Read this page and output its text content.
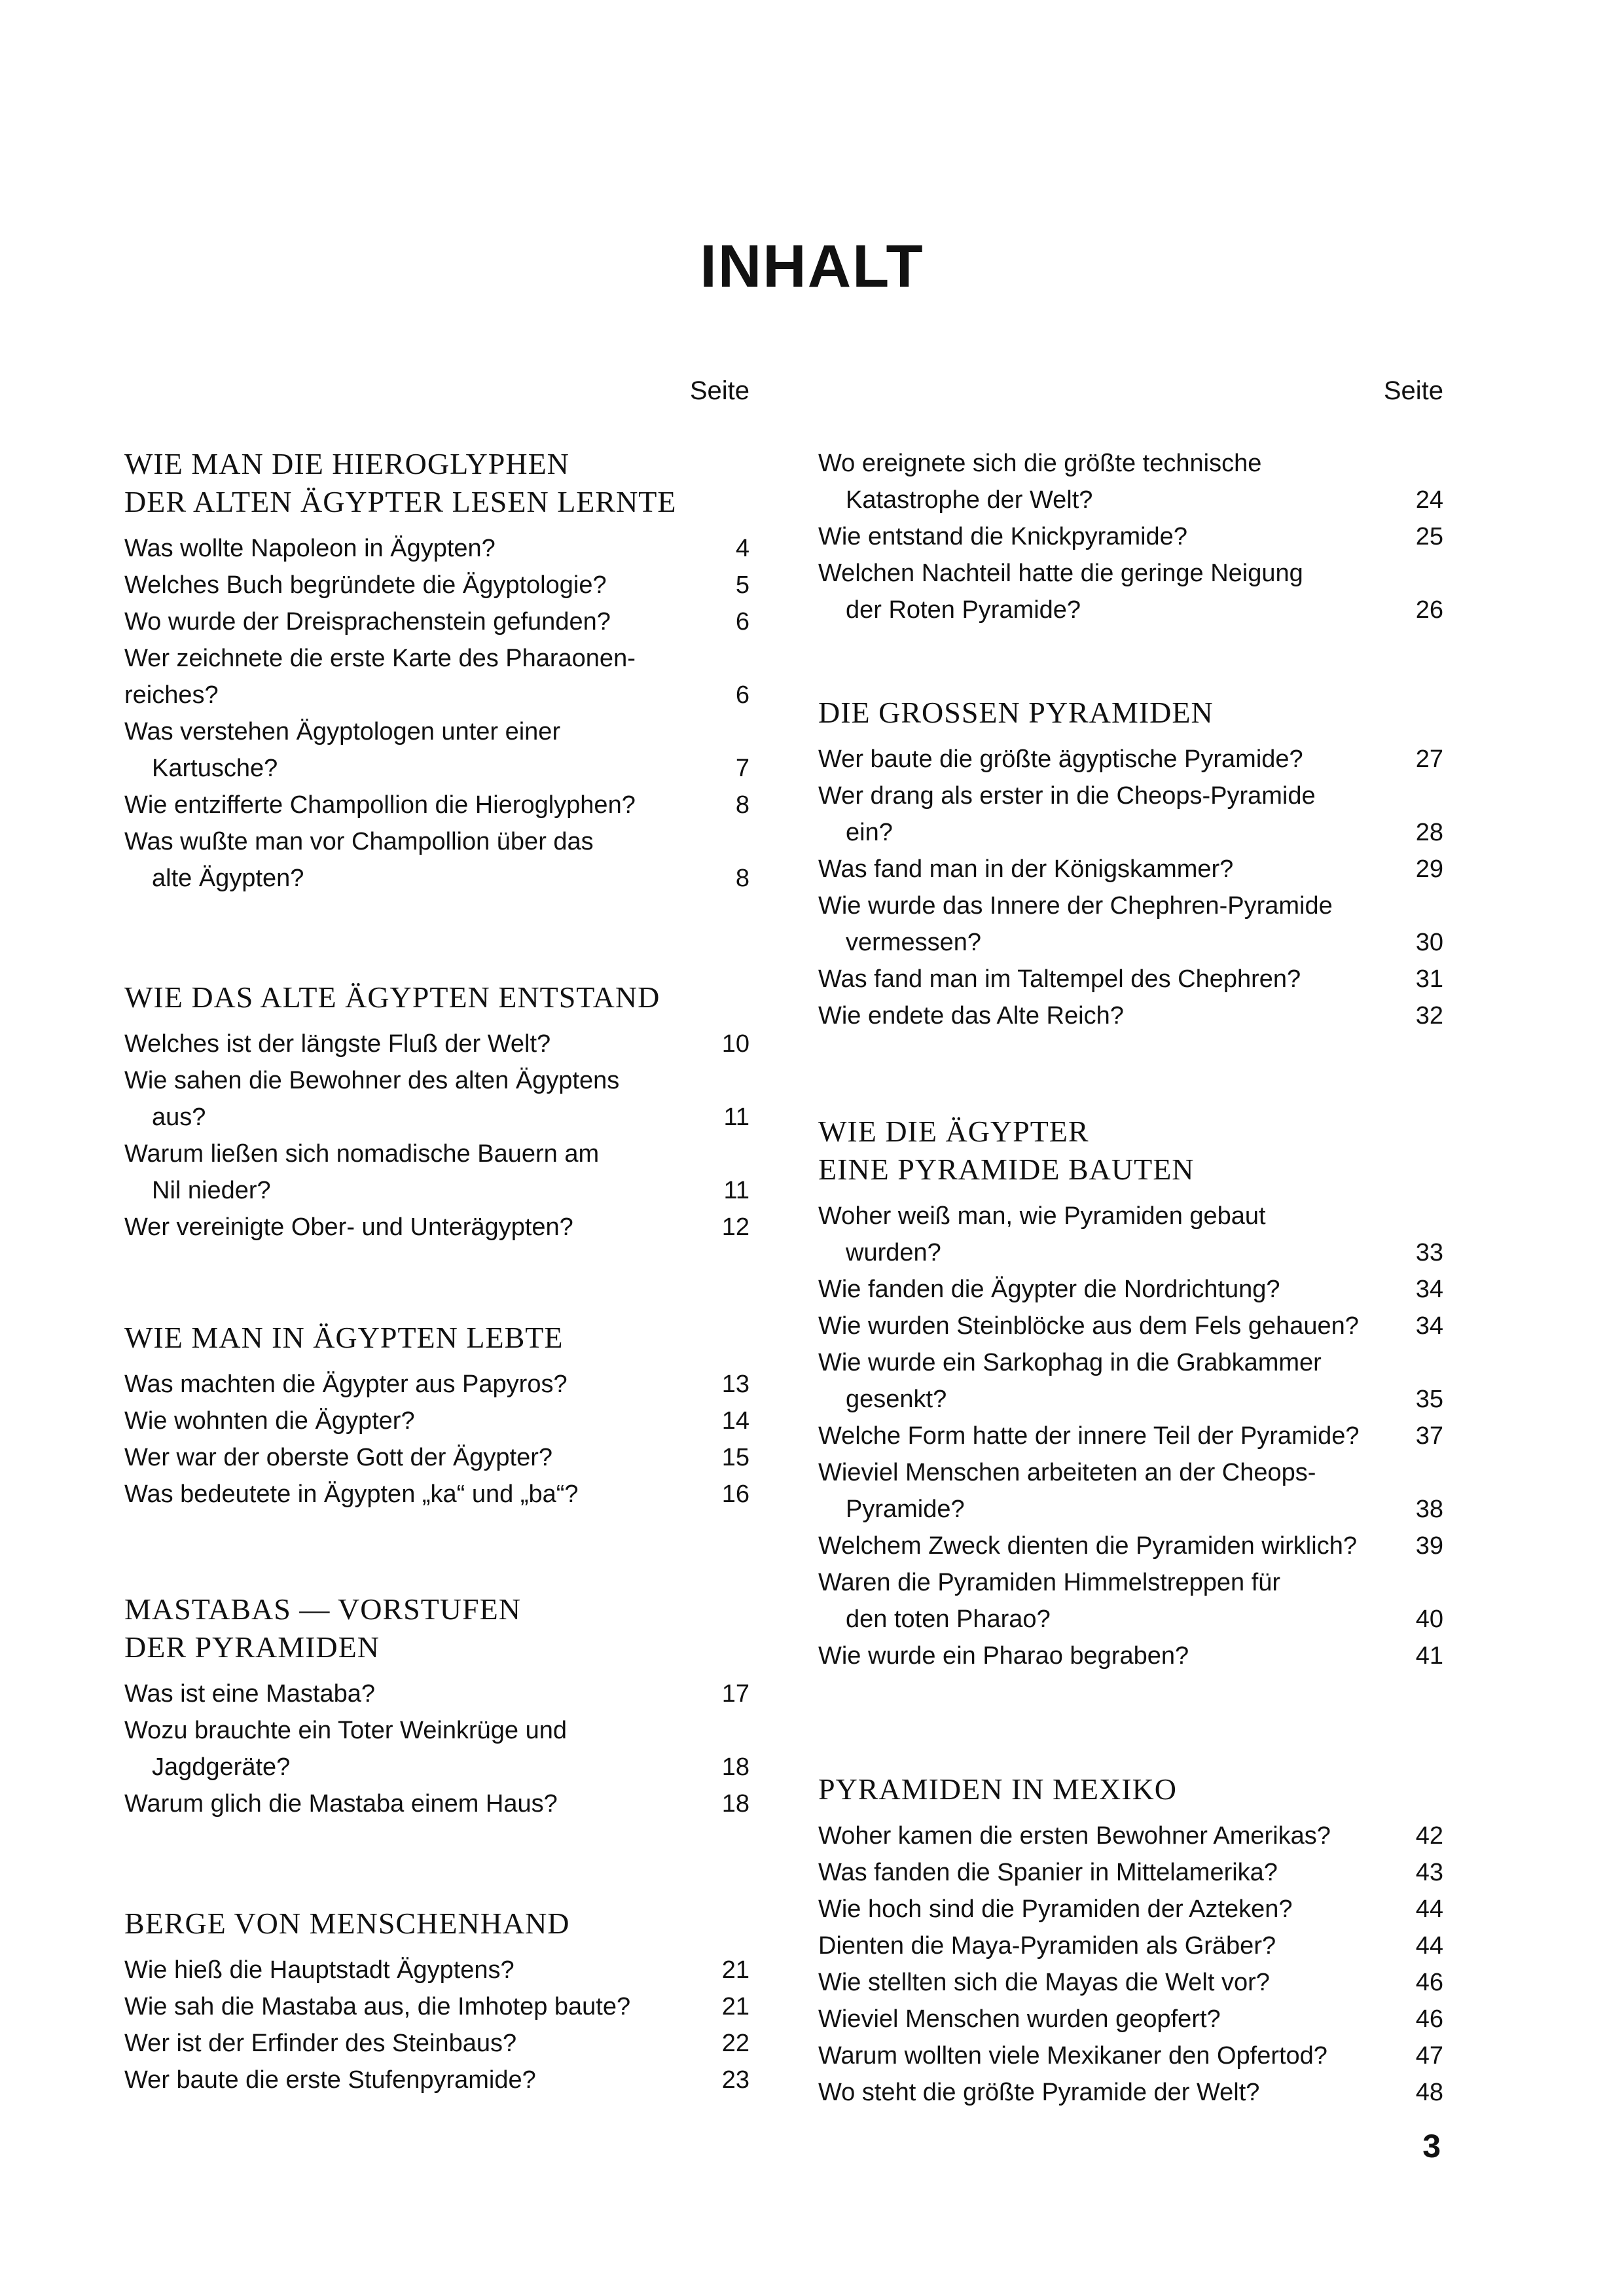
INHALT
Seite
WIE MAN DIE HIEROGLYPHEN
DER ALTEN ÄGYPTER LESEN LERNTE
Was wollte Napoleon in Ägypten?	4
Welches Buch begründete die Ägyptologie?	5
Wo wurde der Dreisprachenstein gefunden?	6
Wer zeichnete die erste Karte des Pharaonen-
reiches?	6
Was verstehen Ägyptologen unter einer
Kartusche?	7
Wie entzifferte Champollion die Hieroglyphen?	8
Was wußte man vor Champollion über das
alte Ägypten?	8
WIE DAS ALTE ÄGYPTEN ENTSTAND
Welches ist der längste Fluß der Welt?	10
Wie sahen die Bewohner des alten Ägyptens
aus?	11
Warum ließen sich nomadische Bauern am
Nil nieder?	11
Wer vereinigte Ober- und Unterägypten?	12
WIE MAN IN ÄGYPTEN LEBTE
Was machten die Ägypter aus Papyros?	13
Wie wohnten die Ägypter?	14
Wer war der oberste Gott der Ägypter?	15
Was bedeutete in Ägypten „ka“ und „ba“?	16
MASTABAS — VORSTUFEN
DER PYRAMIDEN
Was ist eine Mastaba?	17
Wozu brauchte ein Toter Weinkrüge und
Jagdgeräte?	18
Warum glich die Mastaba einem Haus?	18
BERGE VON MENSCHENHAND
Wie hieß die Hauptstadt Ägyptens?	21
Wie sah die Mastaba aus, die Imhotep baute?	21
Wer ist der Erfinder des Steinbaus?	22
Wer baute die erste Stufenpyramide?	23
Seite
Wo ereignete sich die größte technische
Katastrophe der Welt?	24
Wie entstand die Knickpyramide?	25
Welchen Nachteil hatte die geringe Neigung
der Roten Pyramide?	26
DIE GROSSEN PYRAMIDEN
Wer baute die größte ägyptische Pyramide?	27
Wer drang als erster in die Cheops-Pyramide
ein?	28
Was fand man in der Königskammer?	29
Wie wurde das Innere der Chephren-Pyramide
vermessen?	30
Was fand man im Taltempel des Chephren?	31
Wie endete das Alte Reich?	32
WIE DIE ÄGYPTER
EINE PYRAMIDE BAUTEN
Woher weiß man, wie Pyramiden gebaut
wurden?	33
Wie fanden die Ägypter die Nordrichtung?	34
Wie wurden Steinblöcke aus dem Fels gehauen?	34
Wie wurde ein Sarkophag in die Grabkammer
gesenkt?	35
Welche Form hatte der innere Teil der Pyramide?	37
Wieviel Menschen arbeiteten an der Cheops-
Pyramide?	38
Welchem Zweck dienten die Pyramiden wirklich?	39
Waren die Pyramiden Himmelstreppen für
den toten Pharao?	40
Wie wurde ein Pharao begraben?	41
PYRAMIDEN IN MEXIKO
Woher kamen die ersten Bewohner Amerikas?	42
Was fanden die Spanier in Mittelamerika?	43
Wie hoch sind die Pyramiden der Azteken?	44
Dienten die Maya-Pyramiden als Gräber?	44
Wie stellten sich die Mayas die Welt vor?	46
Wieviel Menschen wurden geopfert?	46
Warum wollten viele Mexikaner den Opfertod?	47
Wo steht die größte Pyramide der Welt?	48
3
